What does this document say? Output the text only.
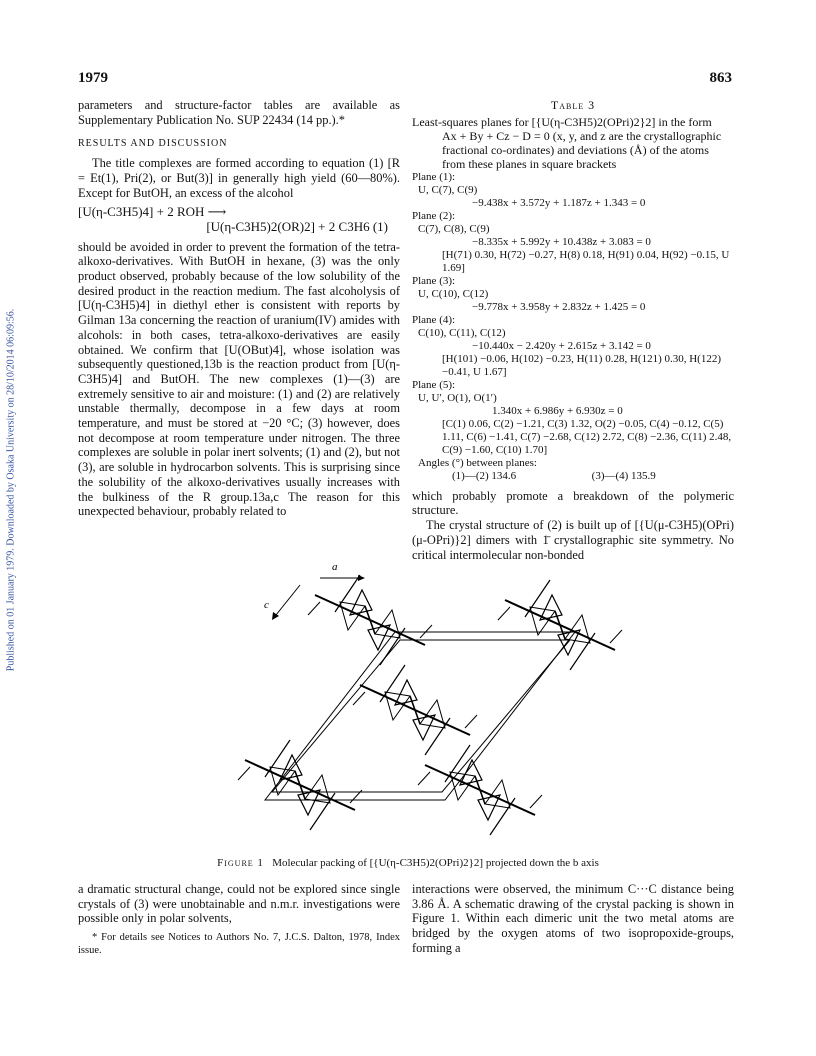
Published on 01 January 1979. Downloaded by Osaka University on 28/10/2014 06:09:56.
1979	863

parameters and structure-factor tables are available as Supplementary Publication No. SUP 22434 (14 pp.).*

RESULTS AND DISCUSSION

The title complexes are formed according to equation (1) [R = Et(1), Pri(2), or But(3)] in generally high yield (60—80%). Except for ButOH, an excess of the alcohol

[U(η-C3H5)4] + 2 ROH ⟶
[U(η-C3H5)2(OR)2] + 2 C3H6 (1)

should be avoided in order to prevent the formation of the tetra-alkoxo-derivatives. With ButOH in hexane, (3) was the only product observed, probably because of the low solubility of the desired product in the reaction medium. The fast alcoholysis of [U(η-C3H5)4] in diethyl ether is consistent with reports by Gilman 13a concerning the reaction of uranium(IV) amides with alcohols: in both cases, tetra-alkoxo-derivatives are easily obtained. We confirm that [U(OBut)4], whose isolation was subsequently questioned,13b is the reaction product from [U(η-C3H5)4] and ButOH. The new complexes (1)—(3) are extremely sensitive to air and moisture: (1) and (2) are relatively unstable thermally, decompose in a few days at room temperature, and must be stored at −20 °C; (3) however, does not decompose at room temperature under nitrogen. The three complexes are soluble in polar inert solvents; (1) and (2), but not (3), are soluble in hydrocarbon solvents. This is surprising since the solubility of the alkoxo-derivatives usually increases with the bulkiness of the R group.13a,c The reason for this unexpected behaviour, probably related to

Table 3
Least-squares planes for [{U(η-C3H5)2(OPri)2}2] in the form
Ax + By + Cz − D = 0 (x, y, and z are the crystallographic fractional co-ordinates) and deviations (Å) of the atoms from these planes in square brackets
Plane (1):
U, C(7), C(9)
−9.438x + 3.572y + 1.187z + 1.343 = 0
Plane (2):
C(7), C(8), C(9)
−8.335x + 5.992y + 10.438z + 3.083 = 0
[H(71) 0.30, H(72) −0.27, H(8) 0.18, H(91) 0.04, H(92) −0.15, U 1.69]
Plane (3):
U, C(10), C(12)
−9.778x + 3.958y + 2.832z + 1.425 = 0
Plane (4):
C(10), C(11), C(12)
−10.440x − 2.420y + 2.615z + 3.142 = 0
[H(101) −0.06, H(102) −0.23, H(11) 0.28, H(121) 0.30, H(122) −0.41, U 1.67]
Plane (5):
U, U′, O(1), O(1′)
1.340x + 6.986y + 6.930z = 0
[C(1) 0.06, C(2) −1.21, C(3) 1.32, O(2) −0.05, C(4) −0.12, C(5) 1.11, C(6) −1.41, C(7) −2.68, C(12) 2.72, C(8) −2.36, C(11) 2.48, C(9) −1.60, C(10) 1.70]
Angles (°) between planes:
(1)—(2) 134.6	(3)—(4) 135.9

which probably promote a breakdown of the polymeric structure.

The crystal structure of (2) is built up of [{U(μ-C3H5)(OPri)(μ-OPri)}2] dimers with 1̄ crystallographic site symmetry. No critical intermolecular non-bonded

a
c
Figure 1 Molecular packing of [{U(η-C3H5)2(OPri)2}2] projected down the b axis

a dramatic structural change, could not be explored since single crystals of (3) were unobtainable and n.m.r. investigations were possible only in polar solvents,

* For details see Notices to Authors No. 7, J.C.S. Dalton, 1978, Index issue.

interactions were observed, the minimum C···C distance being 3.86 Å. A schematic drawing of the crystal packing is shown in Figure 1. Within each dimeric unit the two metal atoms are bridged by the oxygen atoms of two isopropoxide-groups, forming a
